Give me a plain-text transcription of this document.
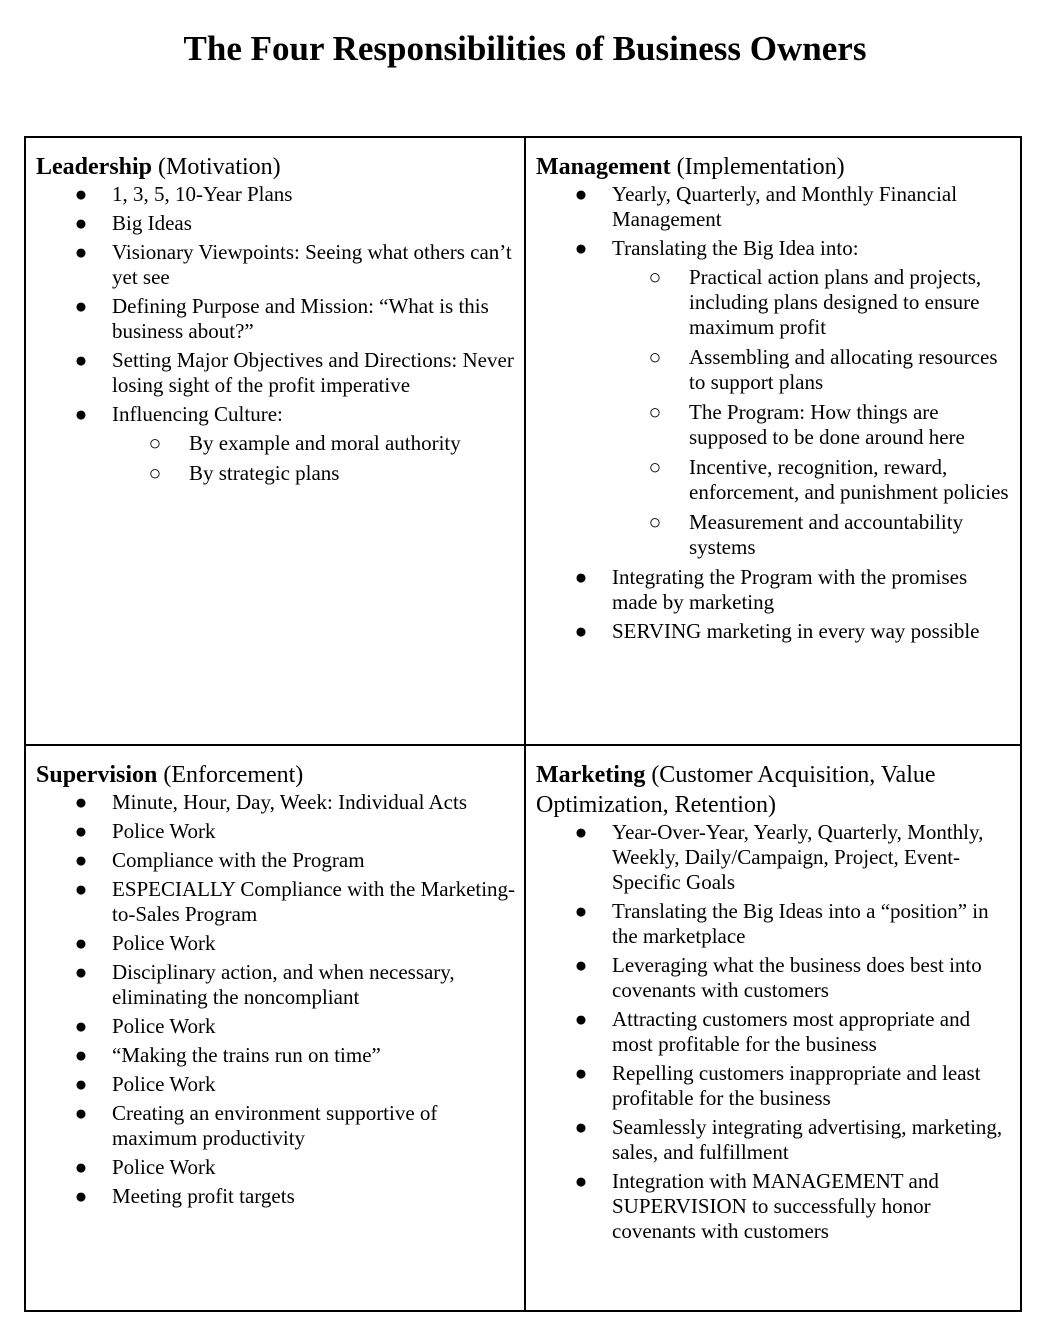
The Four Responsibilities of Business Owners

Leadership (Motivation)

● 1, 3, 5, 10-Year Plans
● Big Ideas
● Visionary Viewpoints: Seeing what others can’t yet see
● Defining Purpose and Mission: “What is this business about?”
● Setting Major Objectives and Directions: Never losing sight of the profit imperative
● Influencing Culture:
○ By example and moral authority
○ By strategic plans

Management (Implementation)

● Yearly, Quarterly, and Monthly Financial Management
● Translating the Big Idea into:
○ Practical action plans and projects, including plans designed to ensure maximum profit
○ Assembling and allocating resources to support plans
○ The Program: How things are supposed to be done around here
○ Incentive, recognition, reward, enforcement, and punishment policies
○ Measurement and accountability systems
● Integrating the Program with the promises made by marketing
● SERVING marketing in every way possible

Supervision (Enforcement)

● Minute, Hour, Day, Week: Individual Acts
● Police Work
● Compliance with the Program
● ESPECIALLY Compliance with the Marketing-to-Sales Program
● Police Work
● Disciplinary action, and when necessary, eliminating the noncompliant
● Police Work
● “Making the trains run on time”
● Police Work
● Creating an environment supportive of maximum productivity
● Police Work
● Meeting profit targets

Marketing (Customer Acquisition, Value Optimization, Retention)

● Year-Over-Year, Yearly, Quarterly, Monthly, Weekly, Daily/Campaign, Project, Event-Specific Goals
● Translating the Big Ideas into a “position” in the marketplace
● Leveraging what the business does best into covenants with customers
● Attracting customers most appropriate and most profitable for the business
● Repelling customers inappropriate and least profitable for the business
● Seamlessly integrating advertising, marketing, sales, and fulfillment
● Integration with MANAGEMENT and SUPERVISION to successfully honor covenants with customers
